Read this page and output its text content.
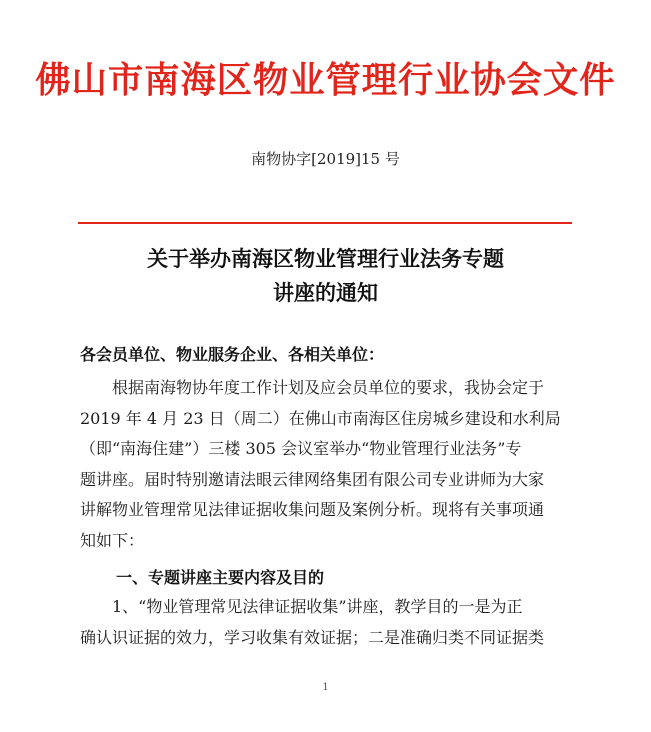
佛山市南海区物业管理行业协会文件
南物协字[2019]15 号
关于举办南海区物业管理行业法务专题
讲座的通知
各会员单位、物业服务企业、各相关单位：
根据南海物协年度工作计划及应会员单位的要求，我协会定于
2019 年 4 月 23 日（周二）在佛山市南海区住房城乡建设和水利局
（即“南海住建”）三楼 305 会议室举办“物业管理行业法务”专
题讲座。届时特别邀请法眼云律网络集团有限公司专业讲师为大家
讲解物业管理常见法律证据收集问题及案例分析。现将有关事项通
知如下：
一、专题讲座主要内容及目的
1、“物业管理常见法律证据收集”讲座，教学目的一是为正
确认识证据的效力，学习收集有效证据；二是准确归类不同证据类
1
